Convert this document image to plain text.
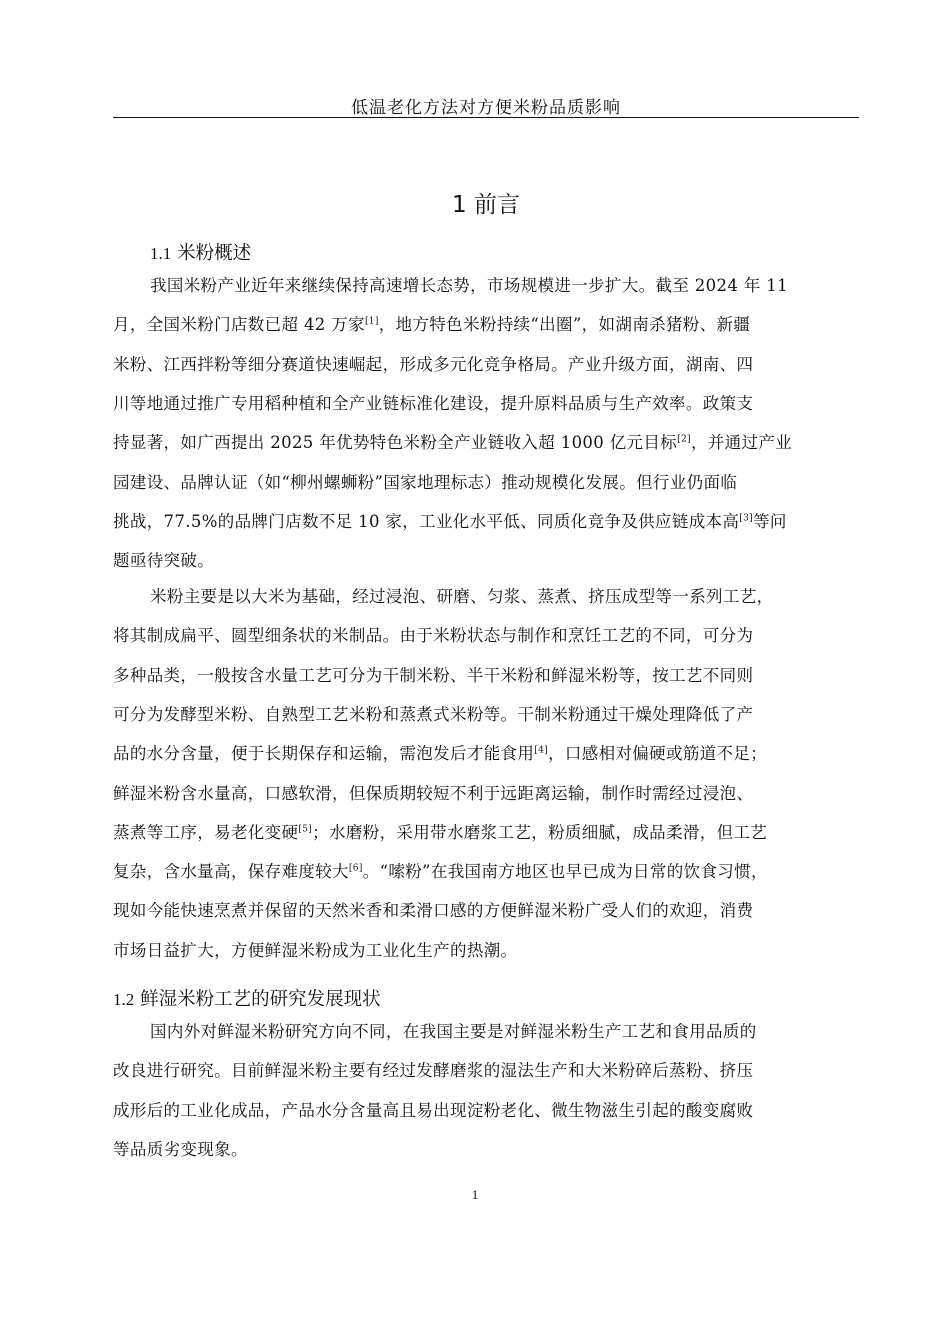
低温老化方法对方便米粉品质影响
1 前言
1.1 米粉概述
我国米粉产业近年来继续保持高速增长态势，市场规模进一步扩大。截至 2024 年 11
月，全国米粉门店数已超 42 万家[1]，地方特色米粉持续“出圈”，如湖南杀猪粉、新疆
米粉、江西拌粉等细分赛道快速崛起，形成多元化竞争格局。产业升级方面，湖南、四
川等地通过推广专用稻种植和全产业链标准化建设，提升原料品质与生产效率。政策支
持显著，如广西提出 2025 年优势特色米粉全产业链收入超 1000 亿元目标[2]，并通过产业
园建设、品牌认证（如“柳州螺蛳粉”国家地理标志）推动规模化发展。但行业仍面临
挑战，77.5%的品牌门店数不足 10 家，工业化水平低、同质化竞争及供应链成本高[3]等问
题亟待突破。
米粉主要是以大米为基础，经过浸泡、研磨、匀浆、蒸煮、挤压成型等一系列工艺，
将其制成扁平、圆型细条状的米制品。由于米粉状态与制作和烹饪工艺的不同，可分为
多种品类，一般按含水量工艺可分为干制米粉、半干米粉和鲜湿米粉等，按工艺不同则
可分为发酵型米粉、自熟型工艺米粉和蒸煮式米粉等。干制米粉通过干燥处理降低了产
品的水分含量，便于长期保存和运输，需泡发后才能食用[4]，口感相对偏硬或筋道不足；
鲜湿米粉含水量高，口感软滑，但保质期较短不利于远距离运输，制作时需经过浸泡、
蒸煮等工序，易老化变硬[5]；水磨粉，采用带水磨浆工艺，粉质细腻，成品柔滑，但工艺
复杂，含水量高，保存难度较大[6]。“嗦粉”在我国南方地区也早已成为日常的饮食习惯，
现如今能快速烹煮并保留的天然米香和柔滑口感的方便鲜湿米粉广受人们的欢迎，消费
市场日益扩大，方便鲜湿米粉成为工业化生产的热潮。
1.2 鲜湿米粉工艺的研究发展现状
国内外对鲜湿米粉研究方向不同，在我国主要是对鲜湿米粉生产工艺和食用品质的
改良进行研究。目前鲜湿米粉主要有经过发酵磨浆的湿法生产和大米粉碎后蒸粉、挤压
成形后的工业化成品，产品水分含量高且易出现淀粉老化、微生物滋生引起的酸变腐败
等品质劣变现象。
1
